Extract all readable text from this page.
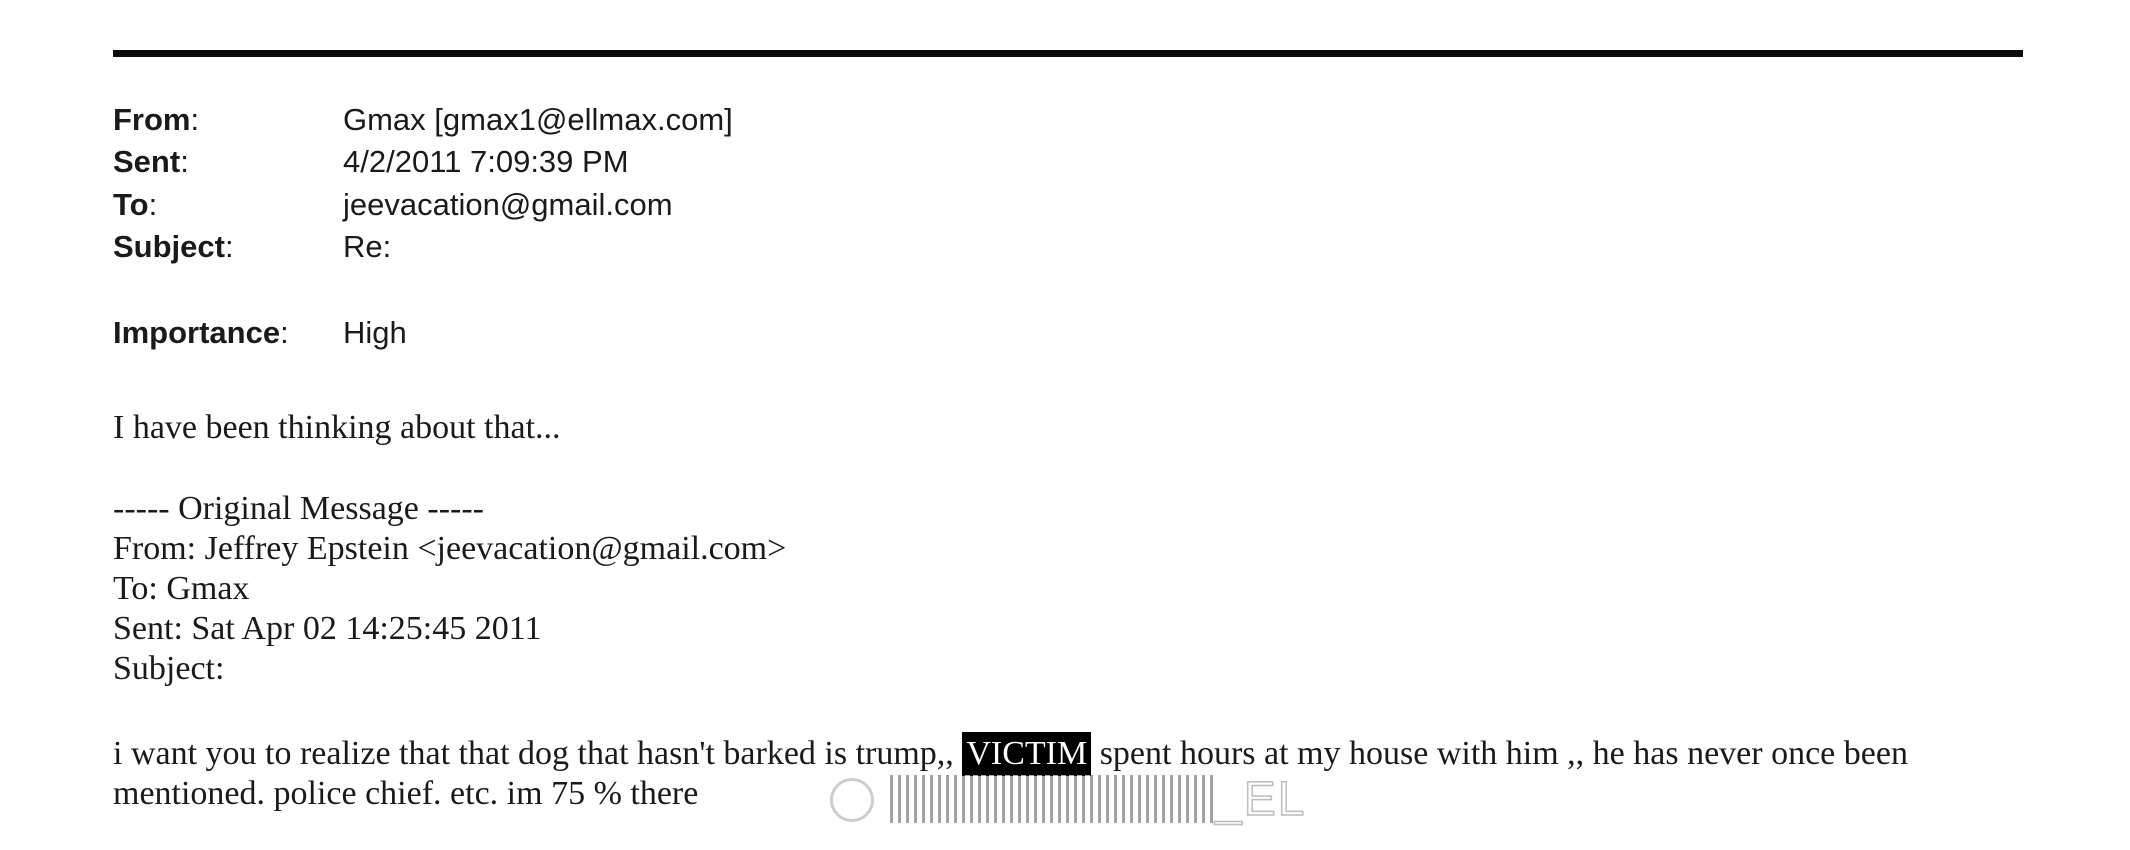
From:	Gmax [gmax1@ellmax.com]
Sent:	4/2/2011 7:09:39 PM
To:	jeevacation@gmail.com
Subject:	Re:
Importance:	High
I have been thinking about that...
----- Original Message -----
From: Jeffrey Epstein <jeevacation@gmail.com>
To: Gmax
Sent: Sat Apr 02 14:25:45 2011
Subject:
i want you to realize that that dog that hasn't barked is trump,, VICTIM spent hours at my house with him ,, he has never once been
mentioned. police chief. etc. im 75 % there	_EL
